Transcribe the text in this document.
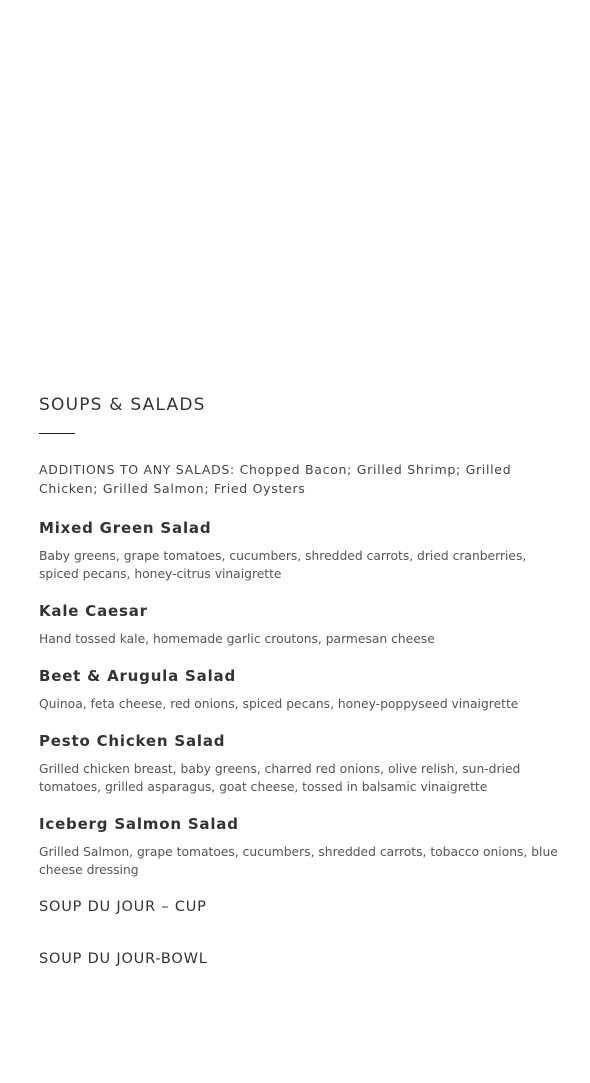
SOUPS & SALADS

ADDITIONS TO ANY SALADS: Chopped Bacon; Grilled Shrimp; Grilled Chicken; Grilled Salmon; Fried Oysters

Mixed Green Salad

Baby greens, grape tomatoes, cucumbers, shredded carrots, dried cranberries, spiced pecans, honey-citrus vinaigrette

Kale Caesar

Hand tossed kale, homemade garlic croutons, parmesan cheese

Beet & Arugula Salad

Quinoa, feta cheese, red onions, spiced pecans, honey-poppyseed vinaigrette

Pesto Chicken Salad

Grilled chicken breast, baby greens, charred red onions, olive relish, sun-dried tomatoes, grilled asparagus, goat cheese, tossed in balsamic vinaigrette

Iceberg Salmon Salad

Grilled Salmon, grape tomatoes, cucumbers, shredded carrots, tobacco onions, blue cheese dressing

SOUP DU JOUR – CUP

SOUP DU JOUR-BOWL
